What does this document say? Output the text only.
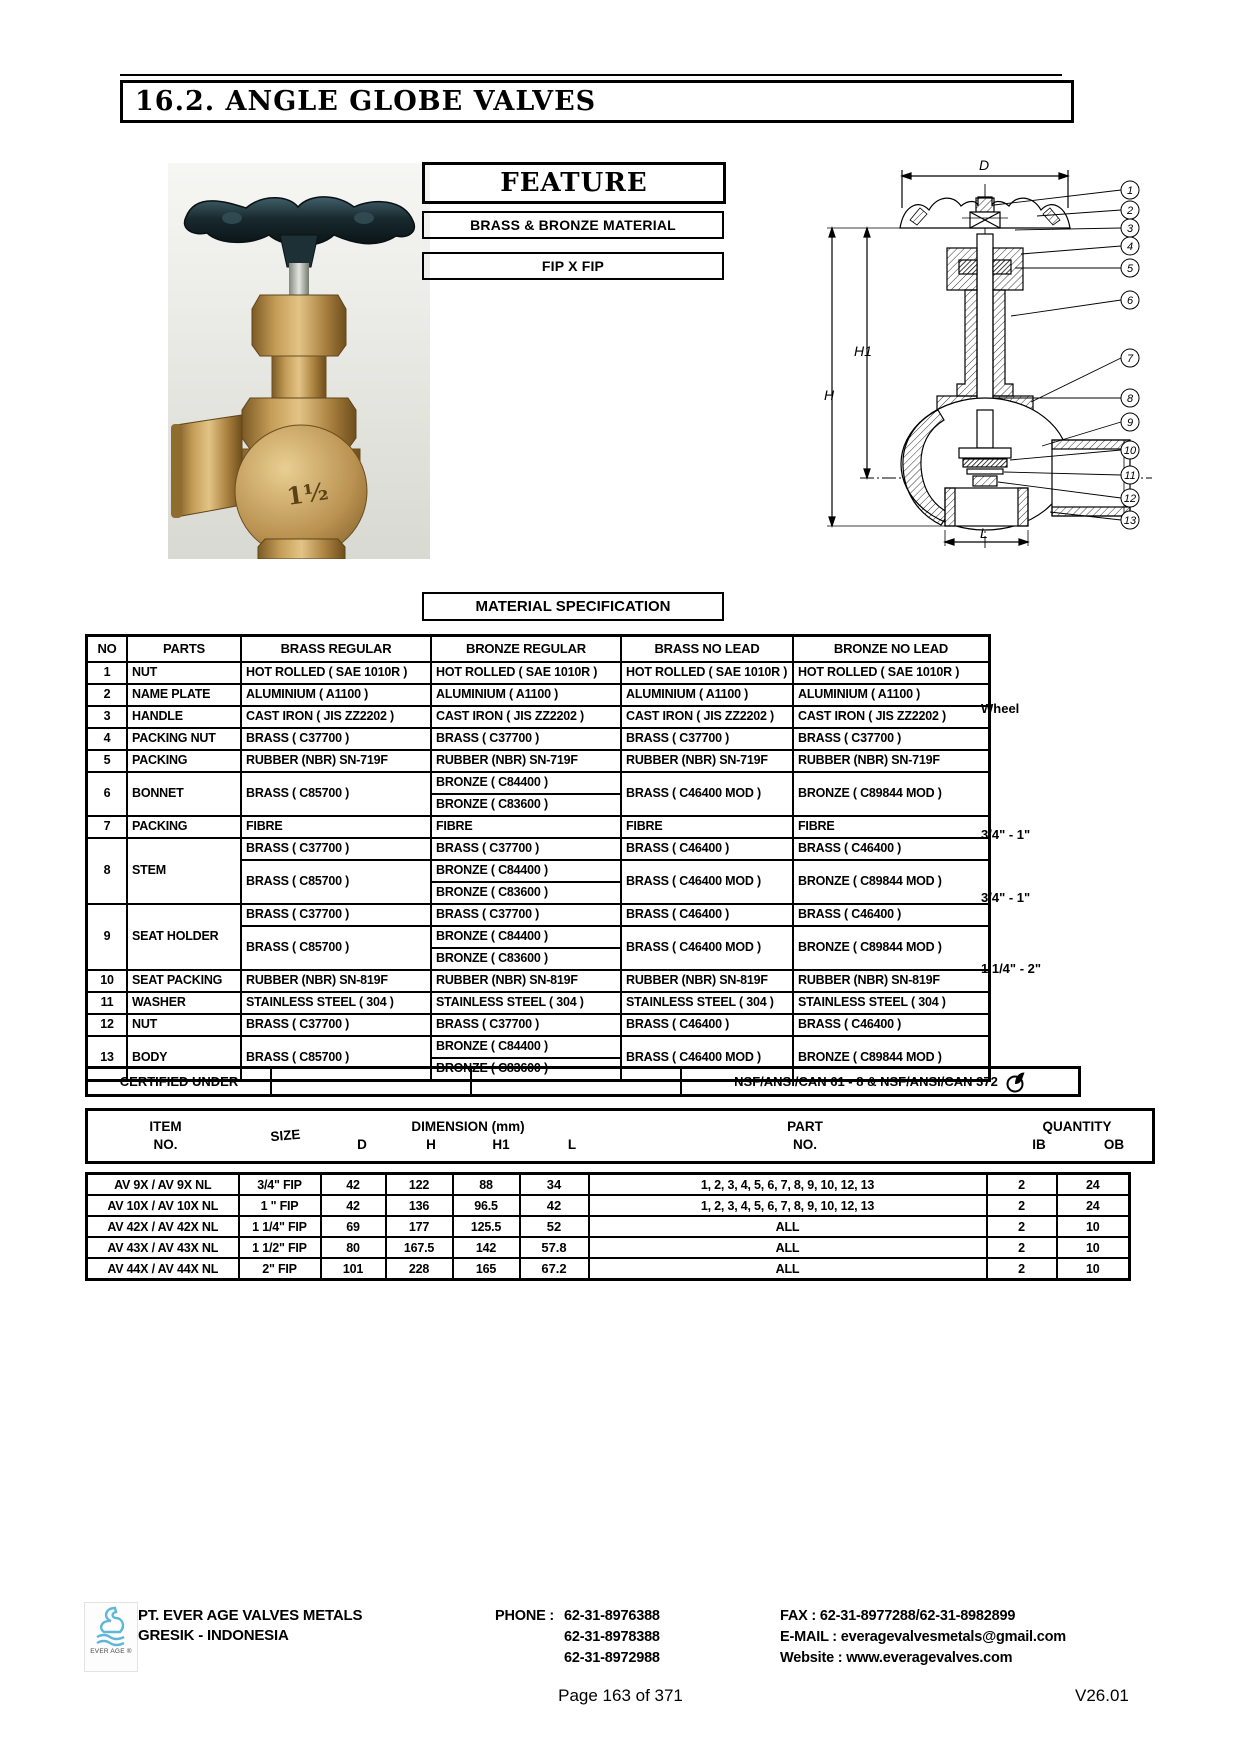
16.2. ANGLE GLOBE VALVES
1½
FEATURE
BRASS & BRONZE MATERIAL
FIP X FIP
D
H
H1
L
1
2
3
4
5
6
7
8
9
10
11
12
13
MATERIAL SPECIFICATION
NO	PARTS	BRASS REGULAR	BRONZE REGULAR	BRASS NO LEAD	BRONZE NO LEAD
1	NUT	HOT ROLLED ( SAE 1010R )	HOT ROLLED ( SAE 1010R )	HOT ROLLED ( SAE 1010R )	HOT ROLLED ( SAE 1010R )
2	NAME PLATE	ALUMINIUM ( A1100 )	ALUMINIUM ( A1100 )	ALUMINIUM ( A1100 )	ALUMINIUM ( A1100 )
3	HANDLE	CAST IRON ( JIS ZZ2202 )	CAST IRON ( JIS ZZ2202 )	CAST IRON ( JIS ZZ2202 )	CAST IRON ( JIS ZZ2202 )
4	PACKING NUT	BRASS ( C37700 )	BRASS ( C37700 )	BRASS ( C37700 )	BRASS ( C37700 )
5	PACKING	RUBBER (NBR) SN-719F	RUBBER (NBR) SN-719F	RUBBER (NBR) SN-719F	RUBBER (NBR) SN-719F
6	BONNET	BRASS ( C85700 )	BRONZE ( C84400 )	BRASS ( C46400 MOD )	BRONZE ( C89844 MOD )
			BRONZE ( C83600 )		
7	PACKING	FIBRE	FIBRE	FIBRE	FIBRE
8	STEM	BRASS ( C37700 )	BRASS ( C37700 )	BRASS ( C46400 )	BRASS ( C46400 )
		BRASS ( C85700 )	BRONZE ( C84400 )	BRASS ( C46400 MOD )	BRONZE ( C89844 MOD )
			BRONZE ( C83600 )		
9	SEAT HOLDER	BRASS ( C37700 )	BRASS ( C37700 )	BRASS ( C46400 )	BRASS ( C46400 )
		BRASS ( C85700 )	BRONZE ( C84400 )	BRASS ( C46400 MOD )	BRONZE ( C89844 MOD )
			BRONZE ( C83600 )		
10	SEAT PACKING	RUBBER (NBR) SN-819F	RUBBER (NBR) SN-819F	RUBBER (NBR) SN-819F	RUBBER (NBR) SN-819F
11	WASHER	STAINLESS STEEL ( 304 )	STAINLESS STEEL ( 304 )	STAINLESS STEEL ( 304 )	STAINLESS STEEL ( 304 )
12	NUT	BRASS ( C37700 )	BRASS ( C37700 )	BRASS ( C46400 )	BRASS ( C46400 )
13	BODY	BRASS ( C85700 )	BRONZE ( C84400 )	BRASS ( C46400 MOD )	BRONZE ( C89844 MOD )
			BRONZE ( C83600 )		
Wheel
3/4" - 1"
3/4" - 1"
1.1/4" - 2"
CERTIFIED UNDER			NSF/ANSI/CAN 61 - 8 & NSF/ANSI/CAN 372
ITEM
NO.
SIZE
DIMENSION (mm)
D	H	H1	L
PART
NO.
QUANTITY
IB	OB
AV 9X / AV 9X NL	3/4" FIP	42	122	88	34	1, 2, 3, 4, 5, 6, 7, 8, 9, 10, 12, 13	2	24
AV 10X / AV 10X NL	1 " FIP	42	136	96.5	42	1, 2, 3, 4, 5, 6, 7, 8, 9, 10, 12, 13	2	24
AV 42X / AV 42X NL	1 1/4" FIP	69	177	125.5	52	ALL	2	10
AV 43X / AV 43X NL	1 1/2" FIP	80	167.5	142	57.8	ALL	2	10
AV 44X / AV 44X NL	2" FIP	101	228	165	67.2	ALL	2	10
EVER AGE ®
PT. EVER AGE VALVES METALS
GRESIK - INDONESIA
PHONE : 62-31-8976388
62-31-8978388
62-31-8972988
FAX : 62-31-8977288/62-31-8982899
E-MAIL : everagevalvesmetals@gmail.com
Website : www.everagevalves.com
Page 163 of 371	V26.01
